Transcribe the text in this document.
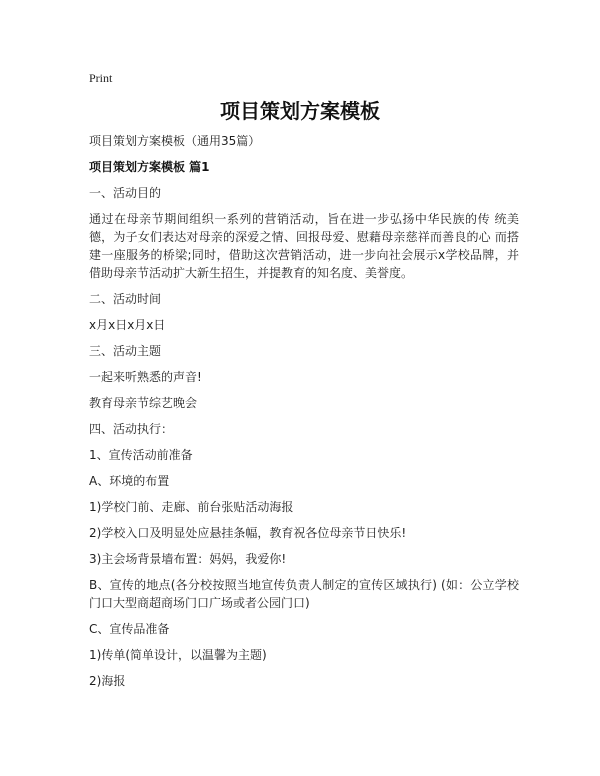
Print
项目策划方案模板

项目策划方案模板（通用35篇）

项目策划方案模板 篇1

一、活动目的

通过在母亲节期间组织一系列的营销活动，旨在进一步弘扬中华民族的传 统美德，为子女们表达对母亲的深爱之情、回报母爱、慰藉母亲慈祥而善良的心 而搭建一座服务的桥梁;同时，借助这次营销活动，进一步向社会展示x学校品牌，并借助母亲节活动扩大新生招生，并提教育的知名度、美誉度。

二、活动时间

x月x日x月x日

三、活动主题

一起来听熟悉的声音!

教育母亲节综艺晚会

四、活动执行：

1、宣传活动前准备

A、环境的布置

1)学校门前、走廊、前台张贴活动海报

2)学校入口及明显处应悬挂条幅，教育祝各位母亲节日快乐!

3)主会场背景墙布置：妈妈，我爱你!

B、宣传的地点(各分校按照当地宣传负责人制定的宣传区域执行) (如：公立学校门口大型商超商场门口广场或者公园门口)

C、宣传品准备

1)传单(简单设计，以温馨为主题)

2)海报
